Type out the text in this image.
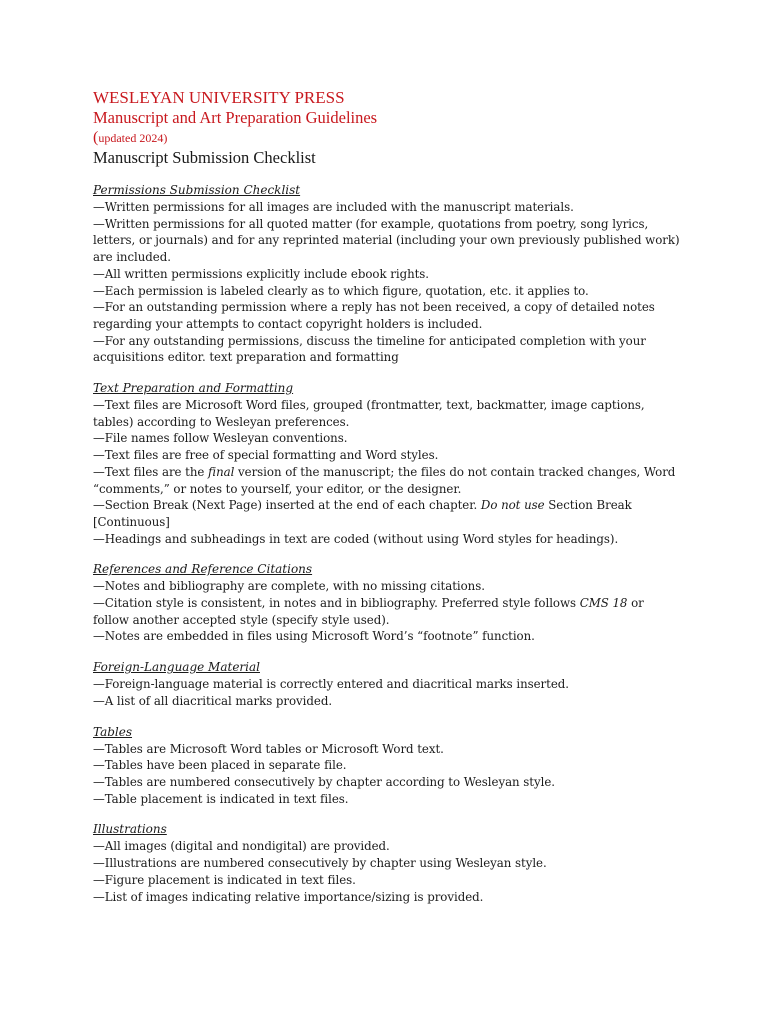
WESLEYAN UNIVERSITY PRESS

Manuscript and Art Preparation Guidelines

(updated 2024)

Manuscript Submission Checklist

Permissions Submission Checklist

—Written permissions for all images are included with the manuscript materials.

—Written permissions for all quoted matter (for example, quotations from poetry, song lyrics, letters, or journals) and for any reprinted material (including your own previously published work) are included.

—All written permissions explicitly include ebook rights.

—Each permission is labeled clearly as to which figure, quotation, etc. it applies to.

—For an outstanding permission where a reply has not been received, a copy of detailed notes regarding your attempts to contact copyright holders is included.

—For any outstanding permissions, discuss the timeline for anticipated completion with your acquisitions editor. text preparation and formatting

Text Preparation and Formatting

—Text files are Microsoft Word files, grouped (frontmatter, text, backmatter, image captions, tables) according to Wesleyan preferences.

—File names follow Wesleyan conventions.

—Text files are free of special formatting and Word styles.

—Text files are the final version of the manuscript; the files do not contain tracked changes, Word “comments,” or notes to yourself, your editor, or the designer.

—Section Break (Next Page) inserted at the end of each chapter. Do not use Section Break [Continuous]

—Headings and subheadings in text are coded (without using Word styles for headings).

References and Reference Citations

—Notes and bibliography are complete, with no missing citations.

—Citation style is consistent, in notes and in bibliography. Preferred style follows CMS 18 or follow another accepted style (specify style used).

—Notes are embedded in files using Microsoft Word’s “footnote” function.

Foreign-Language Material

—Foreign-language material is correctly entered and diacritical marks inserted.

—A list of all diacritical marks provided.

Tables

—Tables are Microsoft Word tables or Microsoft Word text.

—Tables have been placed in separate file.

—Tables are numbered consecutively by chapter according to Wesleyan style.

—Table placement is indicated in text files.

Illustrations

—All images (digital and nondigital) are provided.

—Illustrations are numbered consecutively by chapter using Wesleyan style.

—Figure placement is indicated in text files.

—List of images indicating relative importance/sizing is provided.
